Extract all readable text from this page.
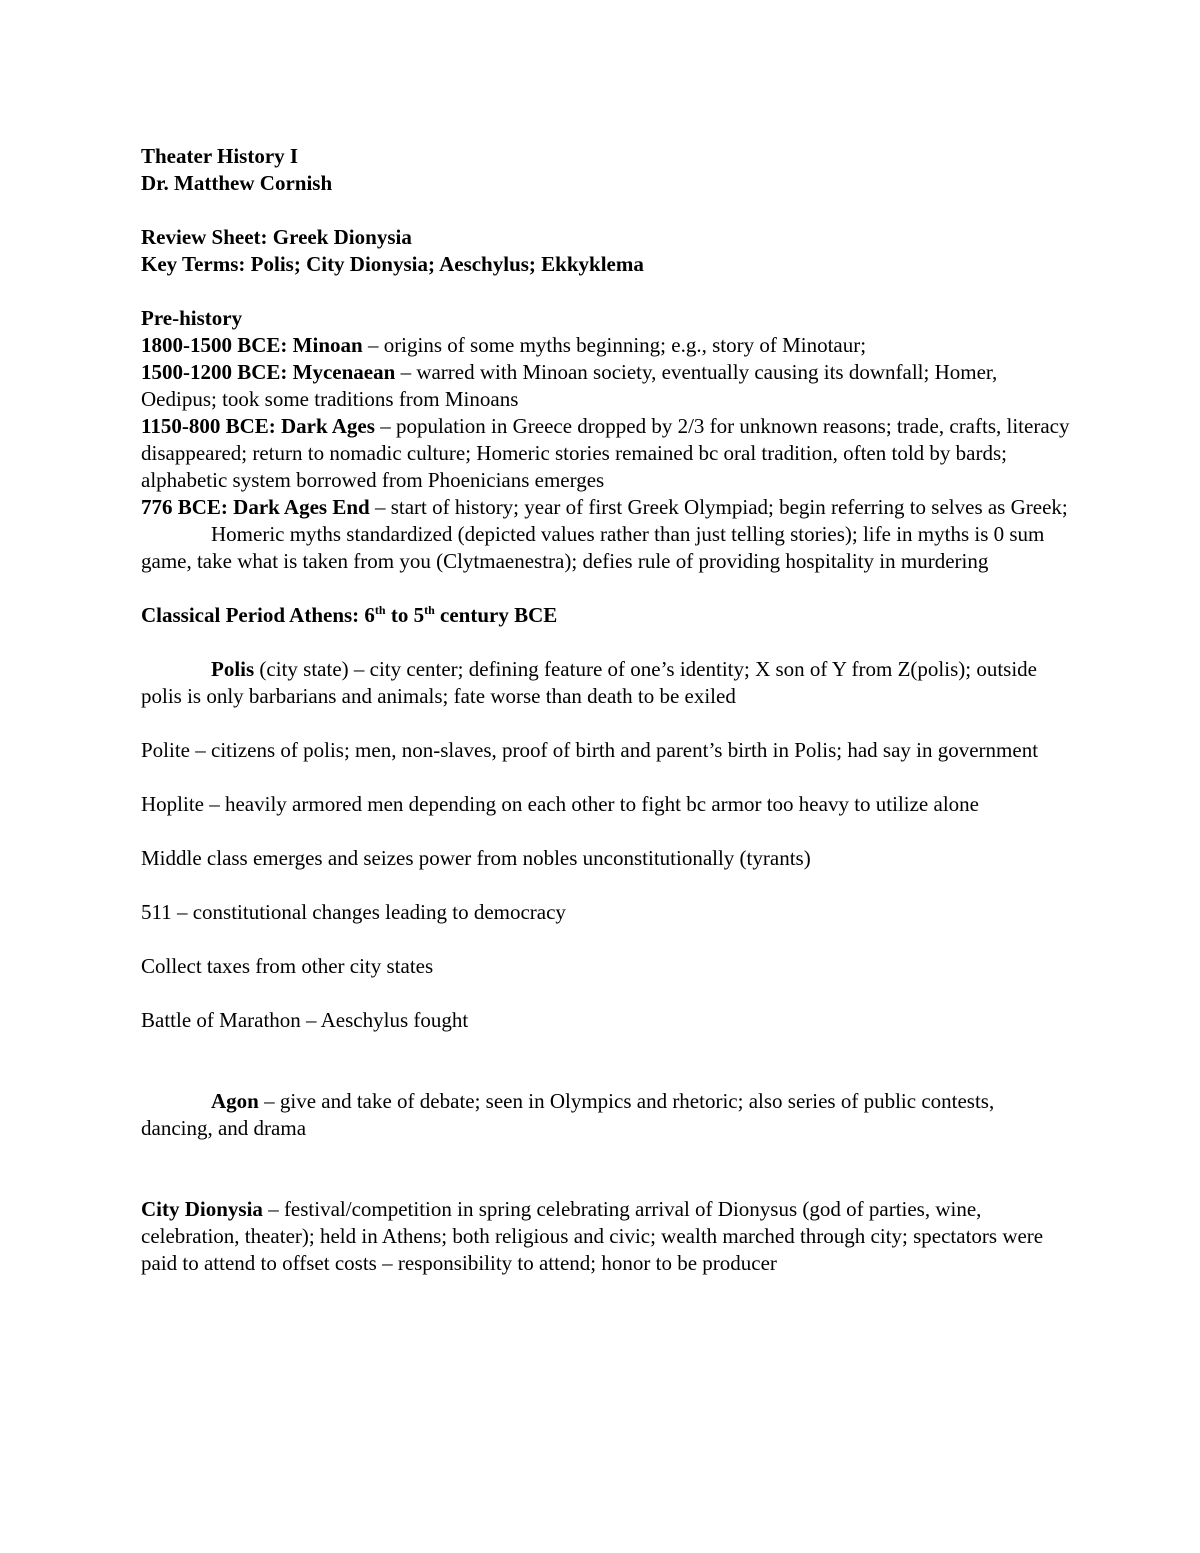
Theater History I
Dr. Matthew Cornish
Review Sheet: Greek Dionysia
Key Terms: Polis; City Dionysia; Aeschylus; Ekkyklema
Pre-history
1800-1500 BCE: Minoan – origins of some myths beginning; e.g., story of Minotaur;
1500-1200 BCE: Mycenaean – warred with Minoan society, eventually causing its downfall; Homer, Oedipus; took some traditions from Minoans
1150-800 BCE: Dark Ages – population in Greece dropped by 2/3 for unknown reasons; trade, crafts, literacy disappeared; return to nomadic culture; Homeric stories remained bc oral tradition, often told by bards; alphabetic system borrowed from Phoenicians emerges
776 BCE: Dark Ages End – start of history; year of first Greek Olympiad; begin referring to selves as Greek;
Homeric myths standardized (depicted values rather than just telling stories); life in myths is 0 sum game, take what is taken from you (Clytmaenestra); defies rule of providing hospitality in murdering
Classical Period Athens: 6th to 5th century BCE
Polis (city state) – city center; defining feature of one’s identity; X son of Y from Z(polis); outside polis is only barbarians and animals; fate worse than death to be exiled
Polite – citizens of polis; men, non-slaves, proof of birth and parent’s birth in Polis; had say in government
Hoplite – heavily armored men depending on each other to fight bc armor too heavy to utilize alone
Middle class emerges and seizes power from nobles unconstitutionally (tyrants)
511 – constitutional changes leading to democracy
Collect taxes from other city states
Battle of Marathon – Aeschylus fought
Agon – give and take of debate; seen in Olympics and rhetoric; also series of public contests, dancing, and drama
City Dionysia – festival/competition in spring celebrating arrival of Dionysus (god of parties, wine, celebration, theater); held in Athens; both religious and civic; wealth marched through city; spectators were paid to attend to offset costs – responsibility to attend; honor to be producer
